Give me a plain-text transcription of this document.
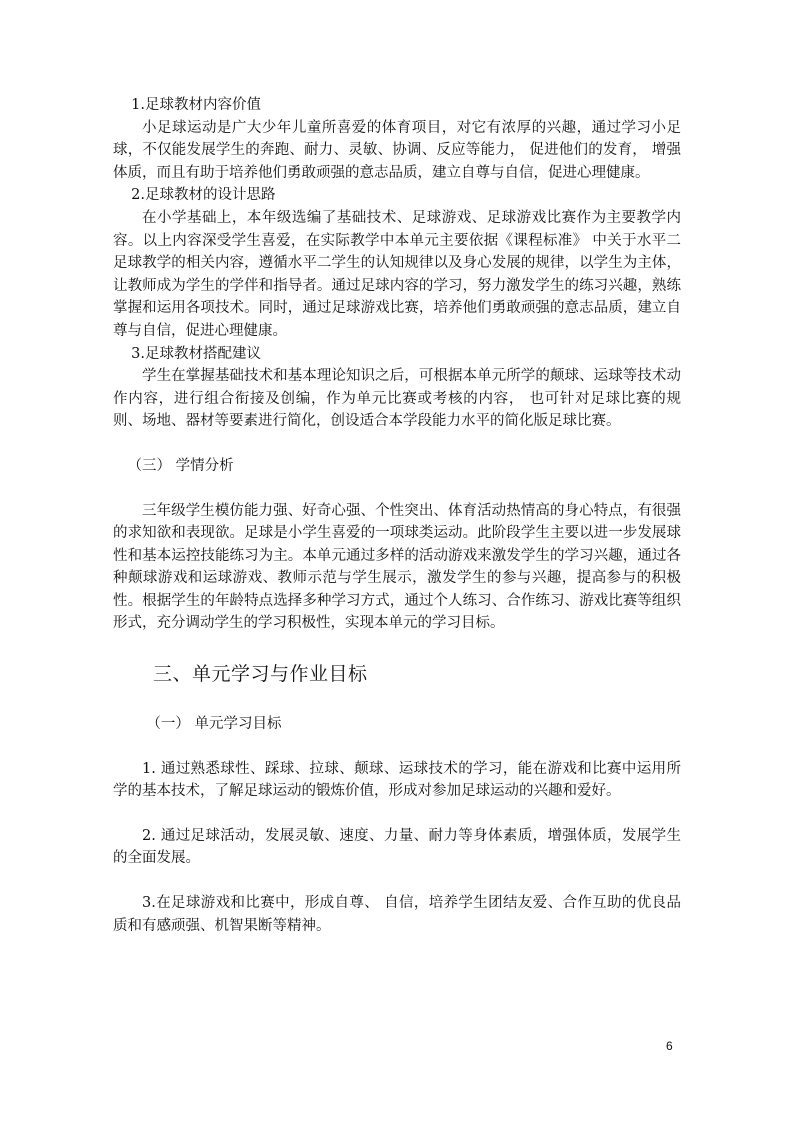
1.足球教材内容价值

小足球运动是广大少年儿童所喜爱的体育项目，对它有浓厚的兴趣，通过学习小足球，不仅能发展学生的奔跑、耐力、灵敏、协调、反应等能力， 促进他们的发育， 增强体质，而且有助于培养他们勇敢顽强的意志品质，建立自尊与自信，促进心理健康。

2.足球教材的设计思路

在小学基础上，本年级选编了基础技术、足球游戏、足球游戏比赛作为主要教学内容。以上内容深受学生喜爱，在实际教学中本单元主要依据《课程标准》 中关于水平二足球教学的相关内容，遵循水平二学生的认知规律以及身心发展的规律，以学生为主体，让教师成为学生的学伴和指导者。通过足球内容的学习，努力激发学生的练习兴趣，熟练掌握和运用各项技术。同时，通过足球游戏比赛，培养他们勇敢顽强的意志品质，建立自尊与自信，促进心理健康。

3.足球教材搭配建议

学生在掌握基础技术和基本理论知识之后，可根据本单元所学的颠球、运球等技术动作内容，进行组合衔接及创编，作为单元比赛或考核的内容， 也可针对足球比赛的规则、场地、器材等要素进行简化，创设适合本学段能力水平的简化版足球比赛。

（三） 学情分析

三年级学生模仿能力强、好奇心强、个性突出、体育活动热情高的身心特点，有很强的求知欲和表现欲。足球是小学生喜爱的一项球类运动。此阶段学生主要以进一步发展球性和基本运控技能练习为主。本单元通过多样的活动游戏来激发学生的学习兴趣，通过各种颠球游戏和运球游戏、教师示范与学生展示，激发学生的参与兴趣，提高参与的积极性。根据学生的年龄特点选择多种学习方式，通过个人练习、合作练习、游戏比赛等组织形式，充分调动学生的学习积极性，实现本单元的学习目标。

三、单元学习与作业目标

（一） 单元学习目标

1. 通过熟悉球性、踩球、拉球、颠球、运球技术的学习，能在游戏和比赛中运用所学的基本技术，了解足球运动的锻炼价值，形成对参加足球运动的兴趣和爱好。

2. 通过足球活动，发展灵敏、速度、力量、耐力等身体素质，增强体质，发展学生的全面发展。

3.在足球游戏和比赛中，形成自尊、 自信，培养学生团结友爱、合作互助的优良品质和有感顽强、机智果断等精神。

6
